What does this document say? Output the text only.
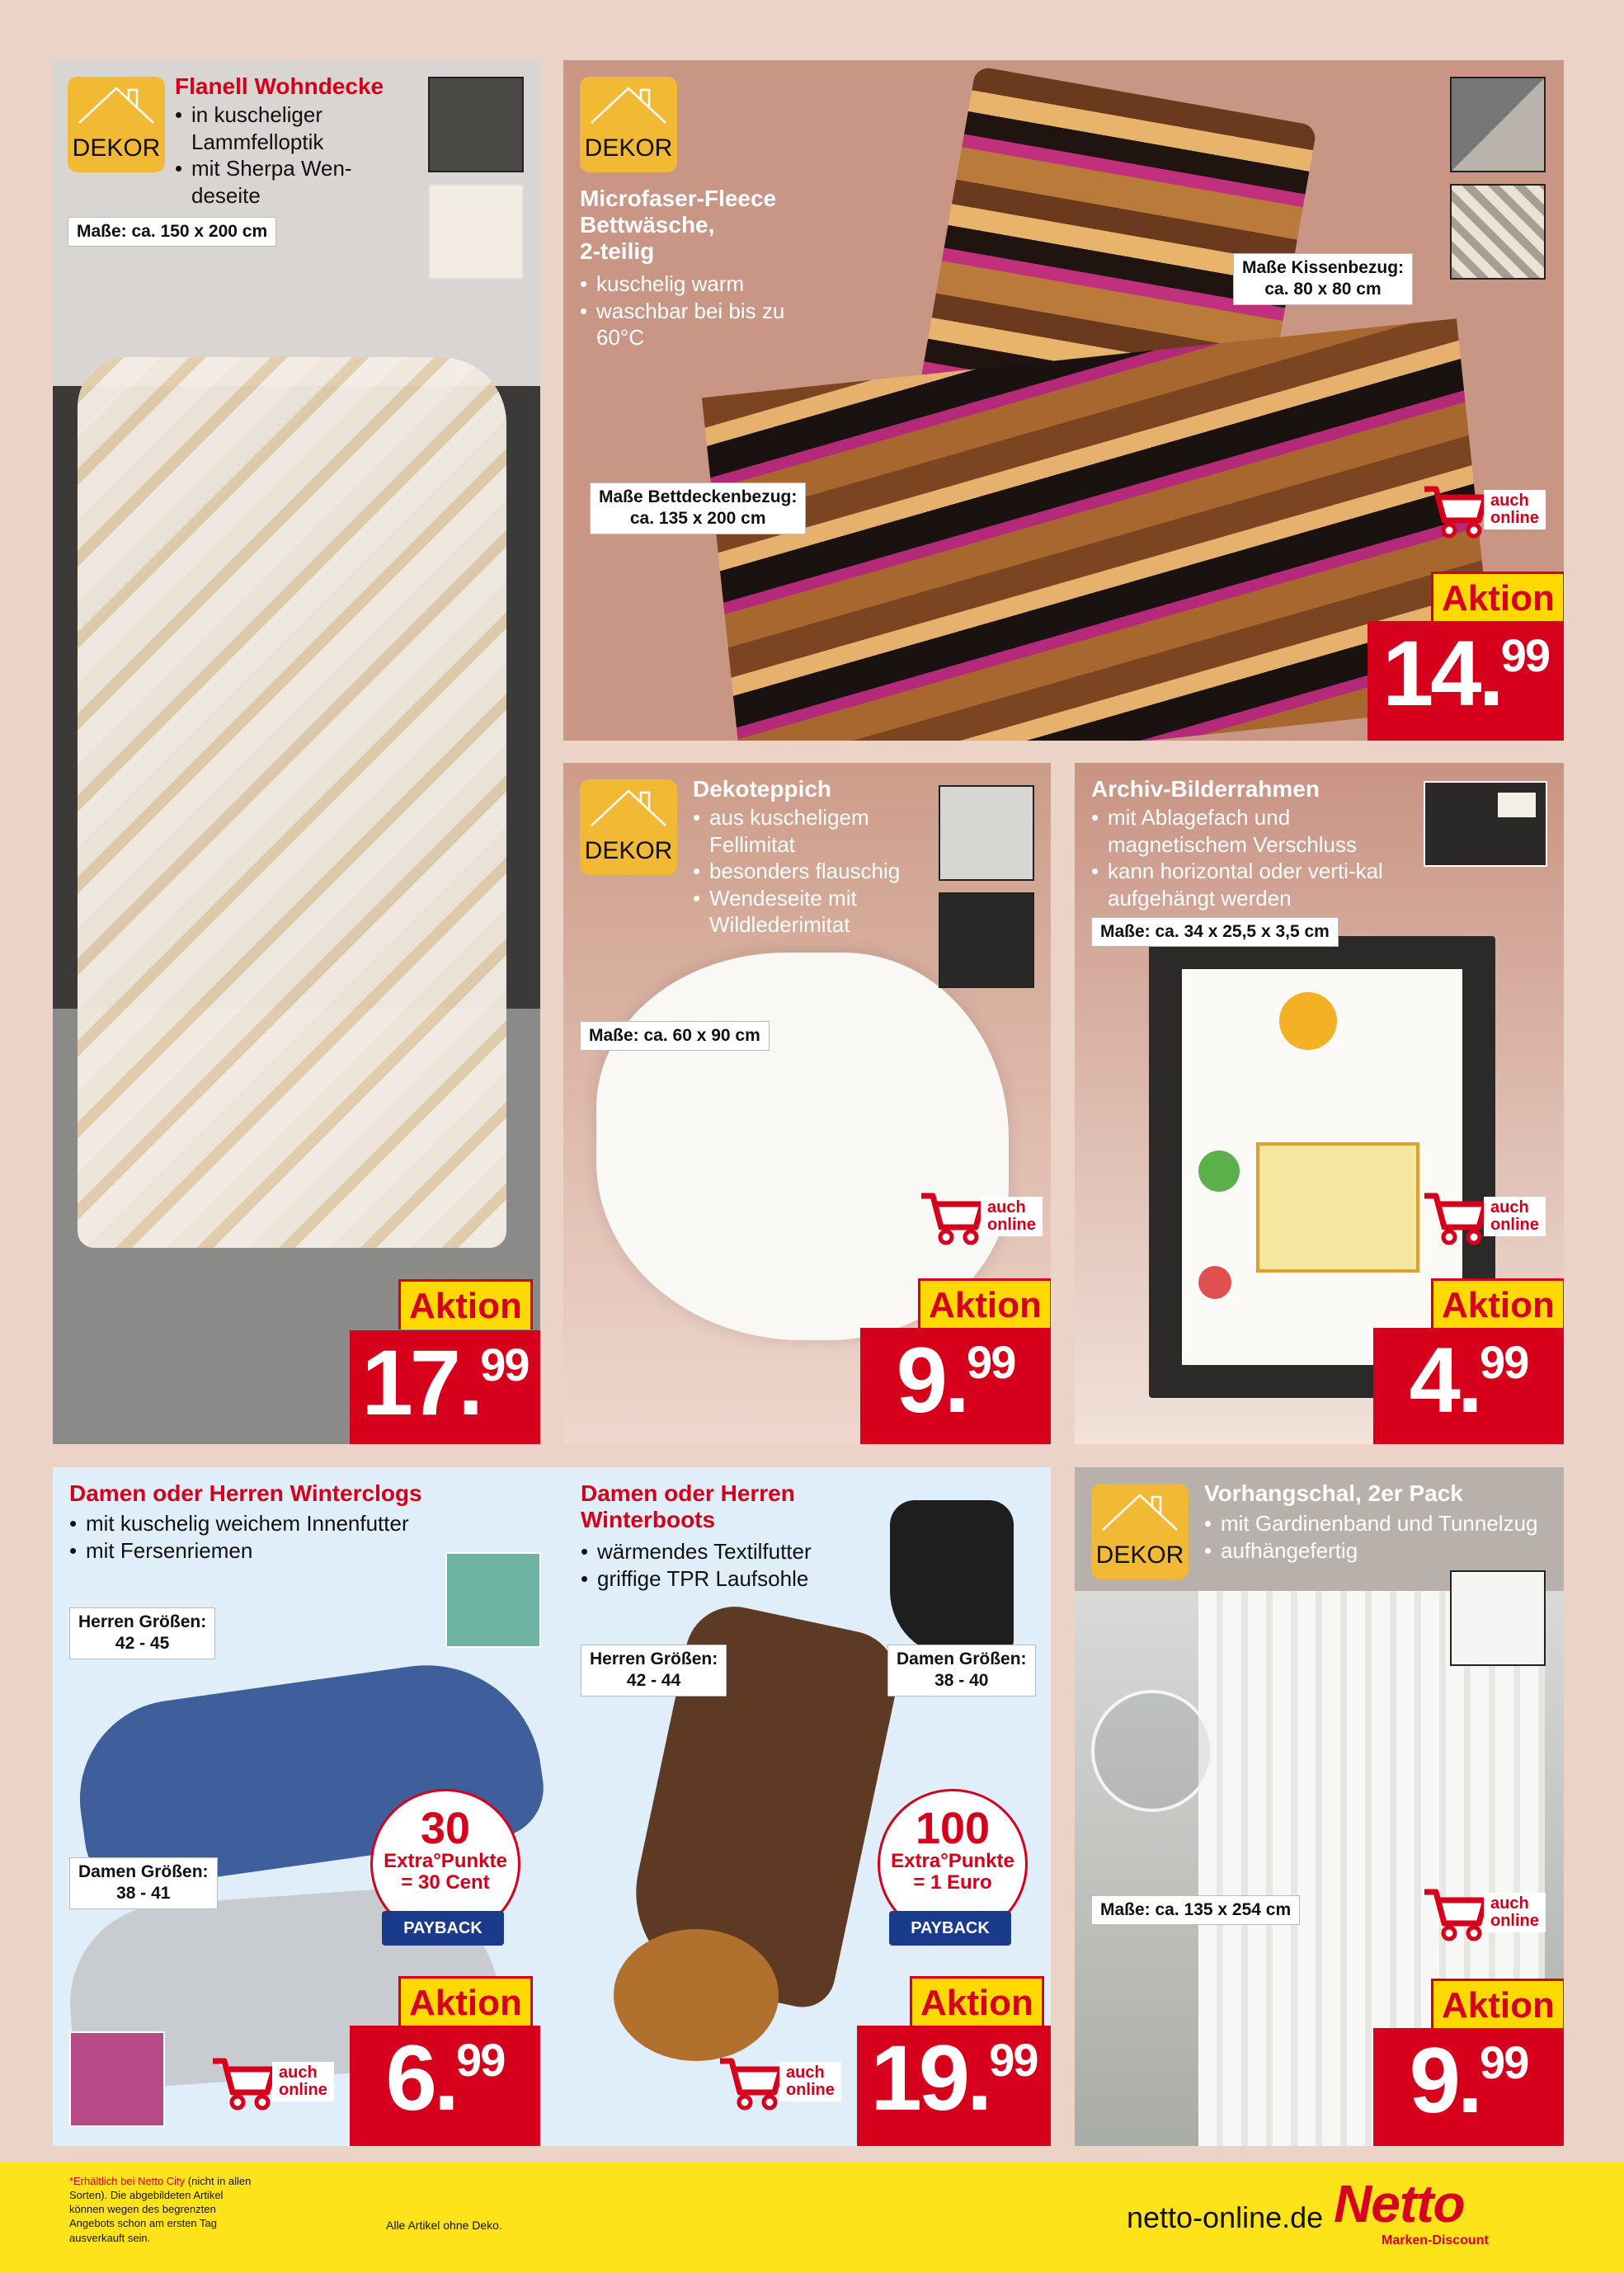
DEKOR
Flanell Wohndecke
• in kuscheliger Lammfelloptik
• mit Sherpa Wen-deseite
Maße: ca. 150 x 200 cm
Aktion
17.99
DEKOR
Microfaser-Fleece
Bettwäsche,
2-teilig
• kuschelig warm
• waschbar bei bis zu 60°C
Maße Kissenbezug:
ca. 80 x 80 cm
Maße Bettdeckenbezug:
ca. 135 x 200 cm
auch
online
Aktion
14.99
DEKOR
Dekoteppich
• aus kuscheligem Fellimitat
• besonders flauschig
• Wendeseite mit Wildlederimitat
Maße: ca. 60 x 90 cm
auch
online
Aktion
9.99
Archiv-Bilderrahmen
• mit Ablagefach und magnetischem Verschluss
• kann horizontal oder verti-kal aufgehängt werden
Maße: ca. 34 x 25,5 x 3,5 cm
auch
online
Aktion
4.99
Damen oder Herren Winterclogs
• mit kuschelig weichem Innenfutter
• mit Fersenriemen
Herren Größen:
42 - 45
Damen Größen:
38 - 41
30
Extra°Punkte
= 30 Cent
PAYBACK
auch
online
Aktion
6.99
Damen oder Herren
Winterboots
• wärmendes Textilfutter
• griffige TPR Laufsohle
Herren Größen:
42 - 44
Damen Größen:
38 - 40
100
Extra°Punkte
= 1 Euro
PAYBACK
auch
online
Aktion
19.99
DEKOR
Vorhangschal, 2er Pack
• mit Gardinenband und Tunnelzug
• aufhängefertig
Maße: ca. 135 x 254 cm	auch
online
Aktion
9.99
*Erhältlich bei Netto City (nicht in allen Sorten). Die abgebildeten Artikel können wegen des begrenzten Angebots schon am ersten Tag ausverkauft sein.
Alle Artikel ohne Deko.	netto-online.de Netto
Marken-Discount
